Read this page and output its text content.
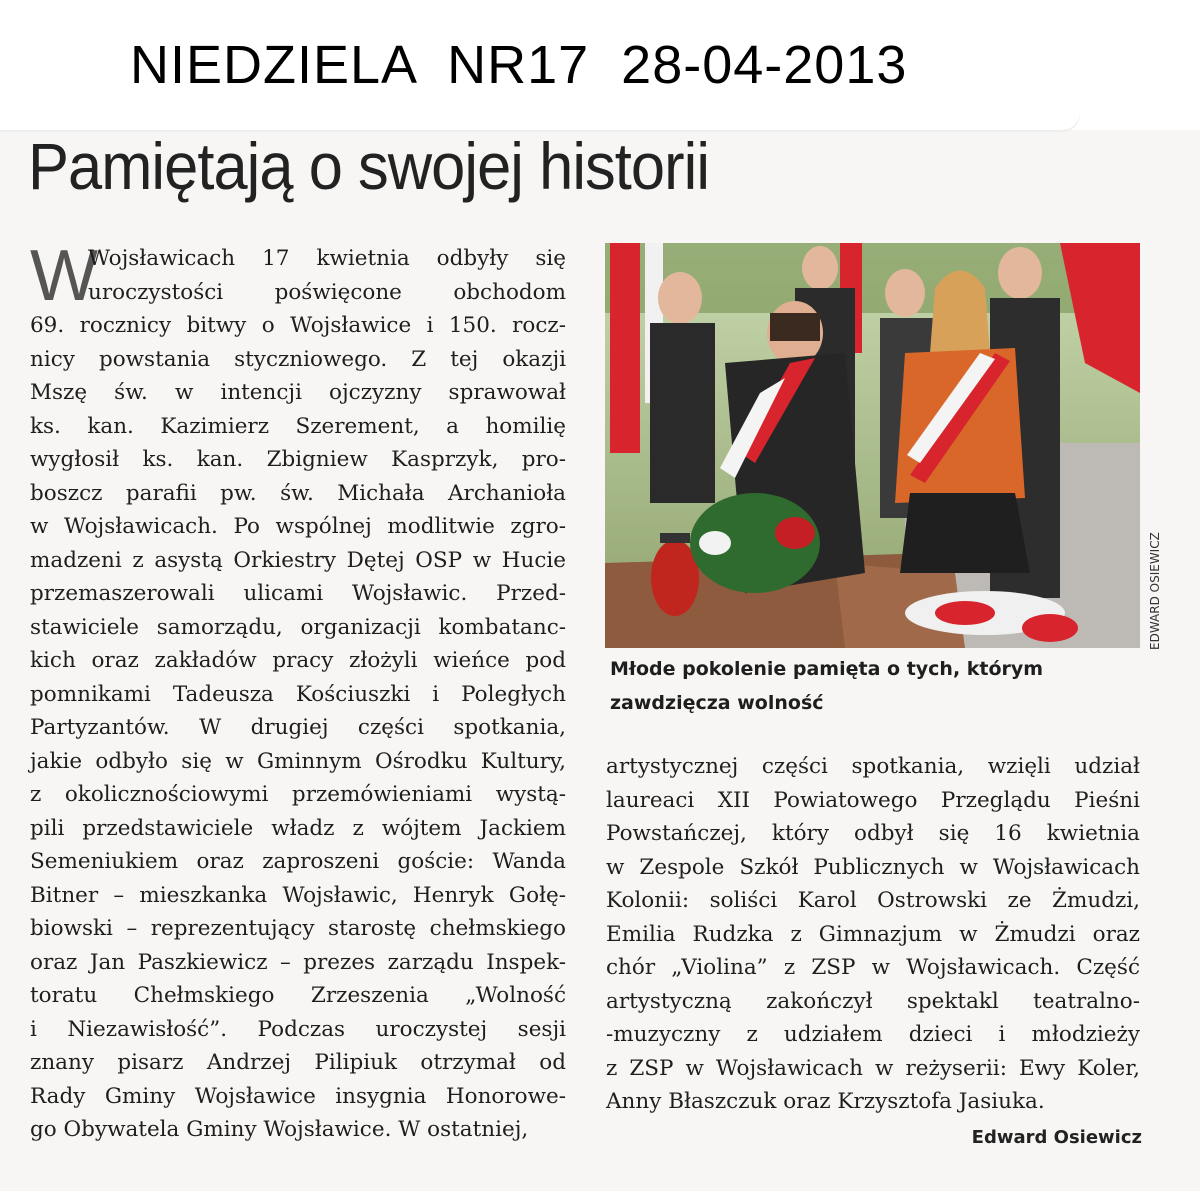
NIEDZIELA  NR17  28-04-2013
Pamiętają o swojej historii
W
Wojsławicach 17 kwietnia odbyły się
uroczystości poświęcone obchodom
69. rocznicy bitwy o Wojsławice i 150. rocz-
nicy powstania styczniowego. Z tej okazji
Mszę św. w intencji ojczyzny sprawował
ks. kan. Kazimierz Szerement, a homilię
wygłosił ks. kan. Zbigniew Kasprzyk, pro-
boszcz parafii pw. św. Michała Archanioła
w Wojsławicach. Po wspólnej modlitwie zgro-
madzeni z asystą Orkiestry Dętej OSP w Hucie
przemaszerowali ulicami Wojsławic. Przed-
stawiciele samorządu, organizacji kombatanc-
kich oraz zakładów pracy złożyli wieńce pod
pomnikami Tadeusza Kościuszki i Poległych
Partyzantów. W drugiej części spotkania,
jakie odbyło się w Gminnym Ośrodku Kultury,
z okolicznościowymi przemówieniami wystą-
pili przedstawiciele władz z wójtem Jackiem
Semeniukiem oraz zaproszeni goście: Wanda
Bitner – mieszkanka Wojsławic, Henryk Gołę-
biowski – reprezentujący starostę chełmskiego
oraz Jan Paszkiewicz – prezes zarządu Inspek-
toratu Chełmskiego Zrzeszenia „Wolność
i Niezawisłość”. Podczas uroczystej sesji
znany pisarz Andrzej Pilipiuk otrzymał od
Rady Gminy Wojsławice insygnia Honorowe-
go Obywatela Gminy Wojsławice. W ostatniej,
EDWARD OSIEWICZ
Młode pokolenie pamięta o tych, którym
zawdzięcza wolność
artystycznej części spotkania, wzięli udział
laureaci XII Powiatowego Przeglądu Pieśni
Powstańczej, który odbył się 16 kwietnia
w Zespole Szkół Publicznych w Wojsławicach
Kolonii: soliści Karol Ostrowski ze Żmudzi,
Emilia Rudzka z Gimnazjum w Żmudzi oraz
chór „Violina” z ZSP w Wojsławicach. Część
artystyczną zakończył spektakl teatralno-
-muzyczny z udziałem dzieci i młodzieży
z ZSP w Wojsławicach w reżyserii: Ewy Koler,
Anny Błaszczuk oraz Krzysztofa Jasiuka.
Edward Osiewicz
